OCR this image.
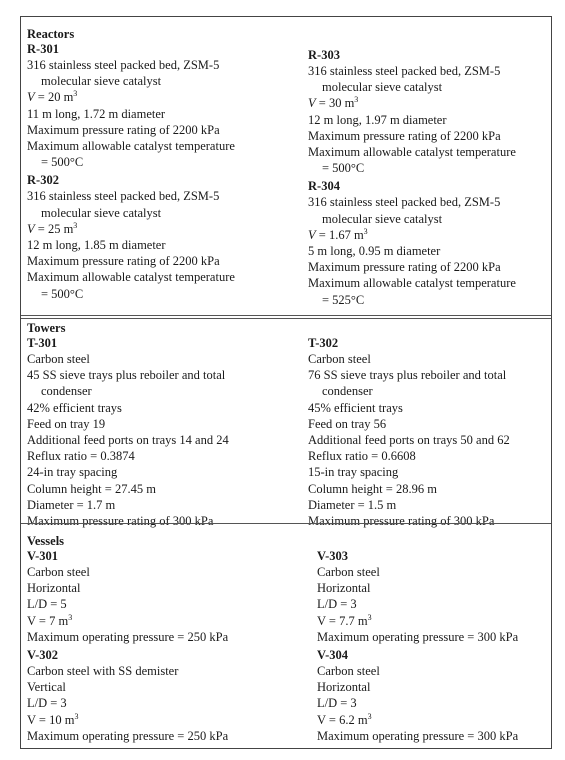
Reactors
R-301
316 stainless steel packed bed, ZSM-5
molecular sieve catalyst
V = 20 $m^3$
11 m long, 1.72 m diameter
Maximum pressure rating of 2200 kPa
Maximum allowable catalyst temperature
= 500°C
R-302
316 stainless steel packed bed, ZSM-5
molecular sieve catalyst
V = 25 $m^3$
12 m long, 1.85 m diameter
Maximum pressure rating of 2200 kPa
Maximum allowable catalyst temperature
= 500°C
R-303
316 stainless steel packed bed, ZSM-5
molecular sieve catalyst
V = 30 $m^3$
12 m long, 1.97 m diameter
Maximum pressure rating of 2200 kPa
Maximum allowable catalyst temperature
= 500°C
R-304
316 stainless steel packed bed, ZSM-5
molecular sieve catalyst
V = 1.67 $m^3$
5 m long, 0.95 m diameter
Maximum pressure rating of 2200 kPa
Maximum allowable catalyst temperature
= 525°C
Towers
T-301
Carbon steel
45 SS sieve trays plus reboiler and total
condenser
42% efficient trays
Feed on tray 19
Additional feed ports on trays 14 and 24
Reflux ratio = 0.3874
24-in tray spacing
Column height = 27.45 m
Diameter = 1.7 m
Maximum pressure rating of 300 kPa
T-302
Carbon steel
76 SS sieve trays plus reboiler and total
condenser
45% efficient trays
Feed on tray 56
Additional feed ports on trays 50 and 62
Reflux ratio = 0.6608
15-in tray spacing
Column height = 28.96 m
Diameter = 1.5 m
Maximum pressure rating of 300 kPa
Vessels
V-301
Carbon steel
Horizontal
L/D = 5
V = 7 $m^3$
Maximum operating pressure = 250 kPa
V-302
Carbon steel with SS demister
Vertical
L/D = 3
V = 10 $m^3$
Maximum operating pressure = 250 kPa
V-303
Carbon steel
Horizontal
L/D = 3
V = 7.7 $m^3$
Maximum operating pressure = 300 kPa
V-304
Carbon steel
Horizontal
L/D = 3
V = 6.2 $m^3$
Maximum operating pressure = 300 kPa
